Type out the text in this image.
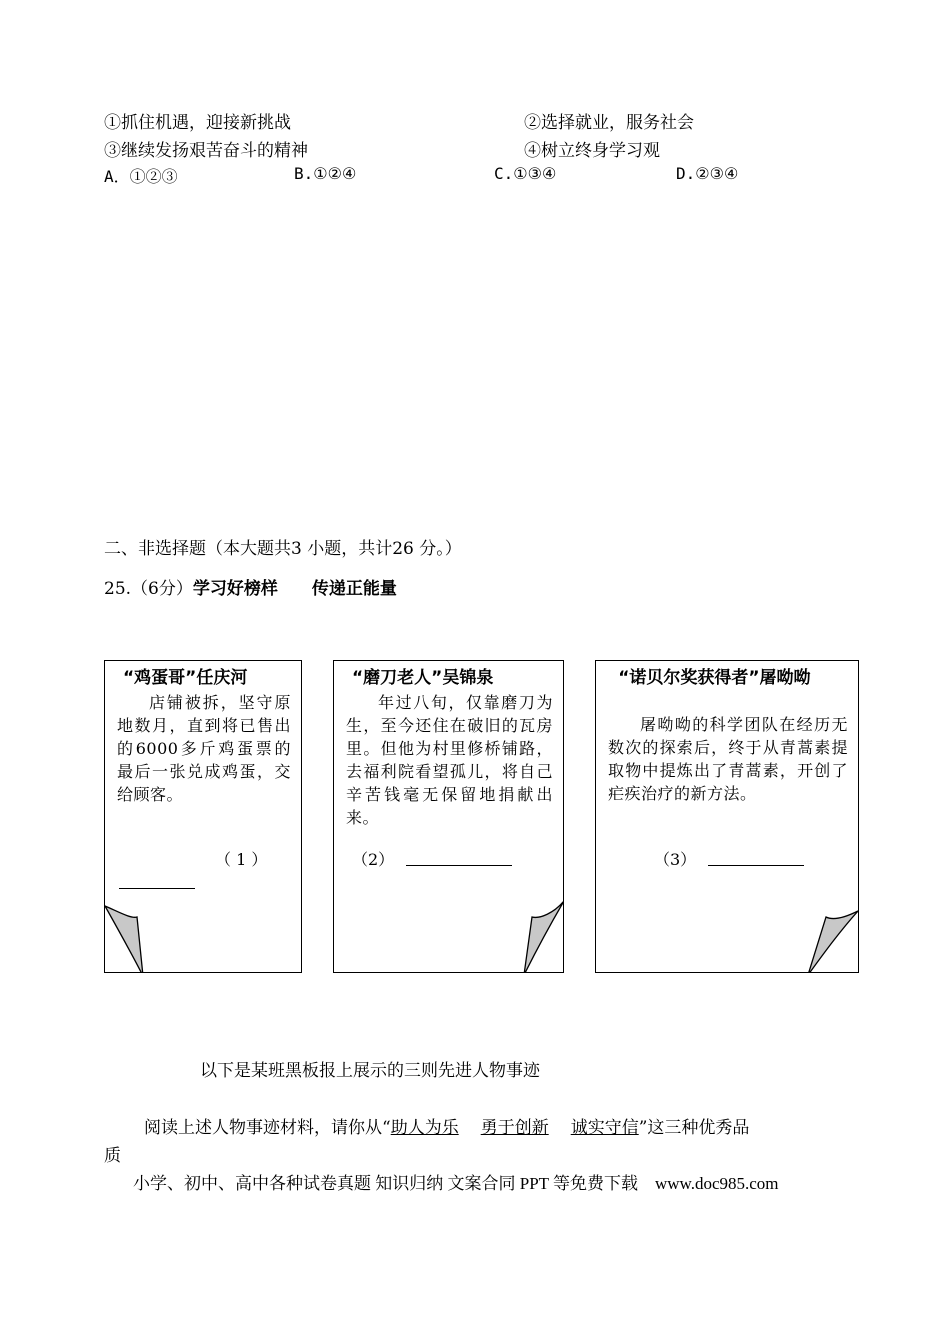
①抓住机遇，迎接新挑战	②选择就业，服务社会
③继续发扬艰苦奋斗的精神	④树立终身学习观
A．①②③	B.①②④	C.①③④	D.②③④
二、非选择题（本大题共3 小题，共计26 分。）
25.（6分）学习好榜样　　传递正能量
“鸡蛋哥”任庆河
店铺被拆，坚守原地数月，直到将已售出的6000多斤鸡蛋票的最后一张兑成鸡蛋，交给顾客。
（ 1 ）
“磨刀老人”吴锦泉
年过八旬，仅靠磨刀为生，至今还住在破旧的瓦房里。但他为村里修桥铺路，去福利院看望孤儿，将自己辛苦钱毫无保留地捐献出来。
（2）
“诺贝尔奖获得者”屠呦呦
屠呦呦的科学团队在经历无数次的探索后，终于从青蒿素提取物中提炼出了青蒿素，开创了疟疾治疗的新方法。
（3）
以下是某班黑板报上展示的三则先进人物事迹
阅读上述人物事迹材料，请你从“助人为乐 勇于创新 诚实守信”这三种优秀品
质
小学、初中、高中各种试卷真题 知识归纳 文案合同 PPT 等免费下载　www.doc985.com
